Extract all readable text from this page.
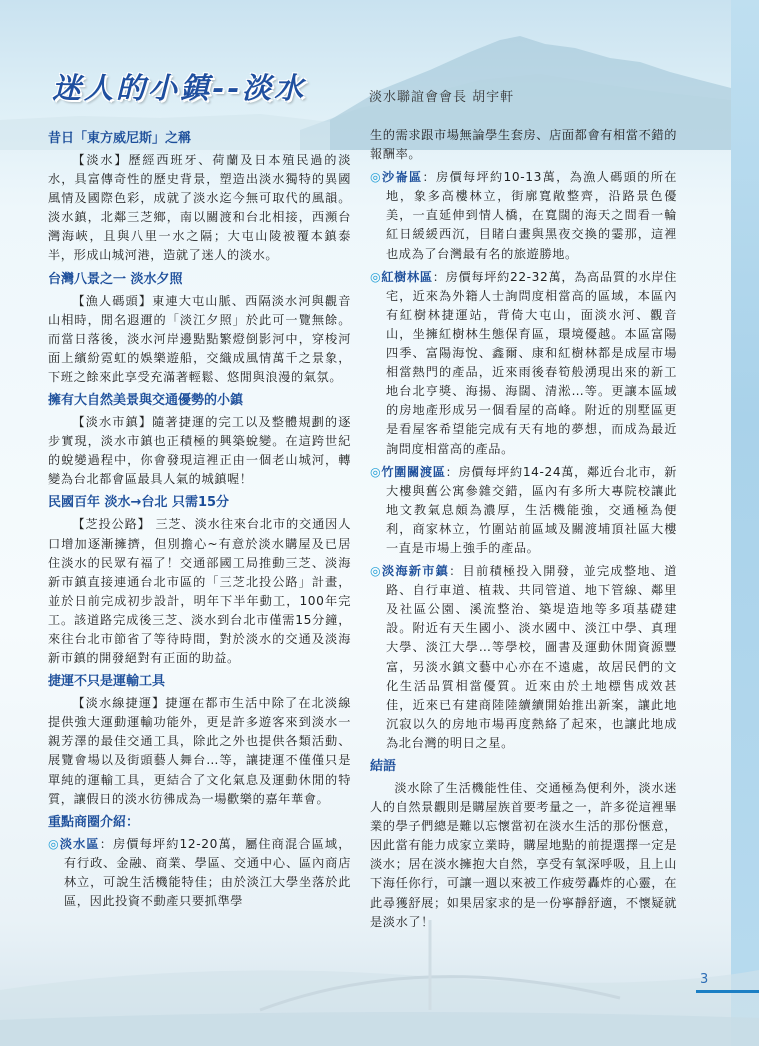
迷人的小鎮--淡水	淡水聯誼會會長 胡宇軒
昔日「東方威尼斯」之稱
【淡水】歷經西班牙、荷蘭及日本殖民過的淡水，具富傳奇性的歷史背景，塑造出淡水獨特的異國風情及國際色彩，成就了淡水迄今無可取代的風韻。 淡水鎮，北鄰三芝鄉，南以關渡和台北相接，西瀕台灣海峽，且與八里一水之隔；大屯山陵被覆本鎮泰半，形成山城河港，造就了迷人的淡水。
台灣八景之一 淡水夕照
【漁人碼頭】東連大屯山脈、西隔淡水河與觀音山相時，閒名遐邇的「淡江夕照」於此可一覽無餘。而當日落後，淡水河岸邊點點繁燈倒影河中，穿梭河面上繽紛霓虹的娛樂遊船，交織成風情萬千之景象，下班之餘來此享受充滿著輕鬆、悠閒與浪漫的氣氛。
擁有大自然美景與交通優勢的小鎮
【淡水市鎮】隨著捷運的完工以及整體規劃的逐步實現，淡水市鎮也正積極的興築蛻變。在這跨世紀的蛻變過程中，你會發現這裡正由一個老山城河，轉變為台北都會區最具人氣的城鎮喔！
民國百年 淡水→台北 只需15分
【芝投公路】 三芝、淡水往來台北市的交通因人口增加逐漸擁擠，但別擔心~有意於淡水購屋及已居住淡水的民眾有福了！交通部國工局推動三芝、淡海新市鎮直接連通台北市區的「三芝北投公路」計畫，並於日前完成初步設計，明年下半年動工，100年完工。該道路完成後三芝、淡水到台北市僅需15分鐘，來往台北市節省了等待時間，對於淡水的交通及淡海新市鎮的開發絕對有正面的助益。
捷運不只是運輸工具
【淡水線捷運】捷運在都市生活中除了在北淡線提供強大運動運輸功能外，更是許多遊客來到淡水一親芳澤的最佳交通工具，除此之外也提供各類活動、展覽會場以及街頭藝人舞台…等，讓捷運不僅僅只是單純的運輸工具，更結合了文化氣息及運動休閒的特質，讓假日的淡水彷彿成為一場歡樂的嘉年華會。
重點商圈介紹：
◎淡水區：房價每坪約12-20萬，屬住商混合區域，有行政、金融、商業、學區、交通中心、區內商店林立，可說生活機能特佳；由於淡江大學坐落於此區，因此投資不動產只要抓準學
生的需求跟市場無論學生套房、店面都會有相當不錯的報酬率。
◎沙崙區：房價每坪約10-13萬，為漁人碼頭的所在地，象多高樓林立，街廓寬敞整齊，沿路景色優美，一直延伸到情人橋，在寬闊的海天之間看一輪紅日緩緩西沉，目睹白畫與黑夜交換的霎那，這裡也成為了台灣最有名的旅遊勝地。
◎紅樹林區：房價每坪約22-32萬，為高品質的水岸住宅，近來為外籍人士詢問度相當高的區域，本區內有紅樹林捷運站，背倚大屯山，面淡水河、觀音山，坐擁紅樹林生態保育區，環境優越。本區富陽四季、富陽海悅、鑫爾、康和紅樹林都是成屋市場相當熱門的產品，近來雨後春筍般湧現出來的新工地台北亨獎、海揚、海闊、清淞…等。更讓本區域的房地產形成另一個看屋的高峰。附近的別墅區更是看屋客希望能完成有天有地的夢想，而成為最近詢問度相當高的產品。
◎竹圍關渡區：房價每坪約14-24萬，鄰近台北市，新大樓與舊公寓參雜交錯，區內有多所大專院校讓此地文教氣息頗為濃厚，生活機能強，交通極為便利，商家林立，竹圍站前區域及關渡埔頂社區大樓一直是市場上強手的產品。
◎淡海新市鎮：目前積極投入開發，並完成整地、道路、自行車道、植栽、共同管道、地下管線、鄰里及社區公園、溪流整治、築堤造地等多項基礎建設。附近有天生國小、淡水國中、淡江中學、真理大學、淡江大學…等學校，圖書及運動休閒資源豐富，另淡水鎮文藝中心亦在不遠處，故居民們的文化生活品質相當優質。近來由於土地標售成效甚佳，近來已有建商陸陸續續開始推出新案，讓此地沉寂以久的房地市場再度熱絡了起來，也讓此地成為北台灣的明日之星。
結語
淡水除了生活機能性佳、交通極為便利外，淡水迷人的自然景觀則是購屋族首要考量之一，許多從這裡畢業的學子們總是難以忘懷當初在淡水生活的那份愜意，因此當有能力成家立業時，購屋地點的前提選擇一定是淡水；居在淡水擁抱大自然，享受有氧深呼吸，且上山下海任你行，可讓一週以來被工作疲勞轟炸的心靈，在此尋獲舒展；如果居家求的是一份寧靜舒適，不懷疑就是淡水了！
3
